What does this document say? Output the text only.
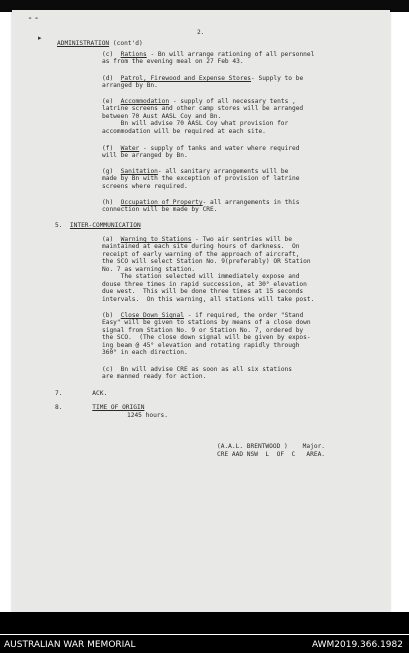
⁃ ⁃
▸
2.
ADMINISTRATION (cont'd)
(c) Rations - Bn will arrange rationing of all personnel
as from the evening meal on 27 Feb 43.
(d) Patrol, Firewood and Expense Stores- Supply to be
arranged by Bn.
(e) Accommodation - supply of all necessary tents ,
latrine screens and other camp stores will be arranged
between 70 Aust AASL Coy and Bn.
Bn will advise 70 AASL Coy what provision for
accommodation will be required at each site.
(f) Water - supply of tanks and water where required
will be arranged by Bn.
(g) Sanitation- all sanitary arrangements will be
made by Bn with the exception of provision of latrine
screens where required.
(h) Occupation of Property- all arrangements in this
connection will be made by CRE.
5. INTER-COMMUNICATION
(a) Warning to Stations - Two air sentries will be
maintained at each site during hours of darkness.  On
receipt of early warning of the approach of aircraft,
the SCO will select Station No. 9(preferably) OR Station
No. 7 as warning station.
The station selected will immediately expose and
douse three times in rapid succession, at 30° elevation
due west.  This will be done three times at 15 seconds
intervals.  On this warning, all stations will take post.
(b) Close Down Signal - if required, the order "Stand
Easy" will be given to stations by means of a close down
signal from Station No. 9 or Station No. 7, ordered by
the SCO.  (The close down signal will be given by expos-
ing beam @ 45° elevation and rotating rapidly through
360° in each direction.
(c) Bn will advise CRE as soon as all six stations
are manned ready for action.
7.	ACK.
8.	TIME OF ORIGIN
1245 hours.
(A.A.L. BRENTWOOD )    Major.
CRE AAD NSW  L  OF  C   AREA.
AUSTRALIAN WAR MEMORIAL	AWM2019.366.1982
